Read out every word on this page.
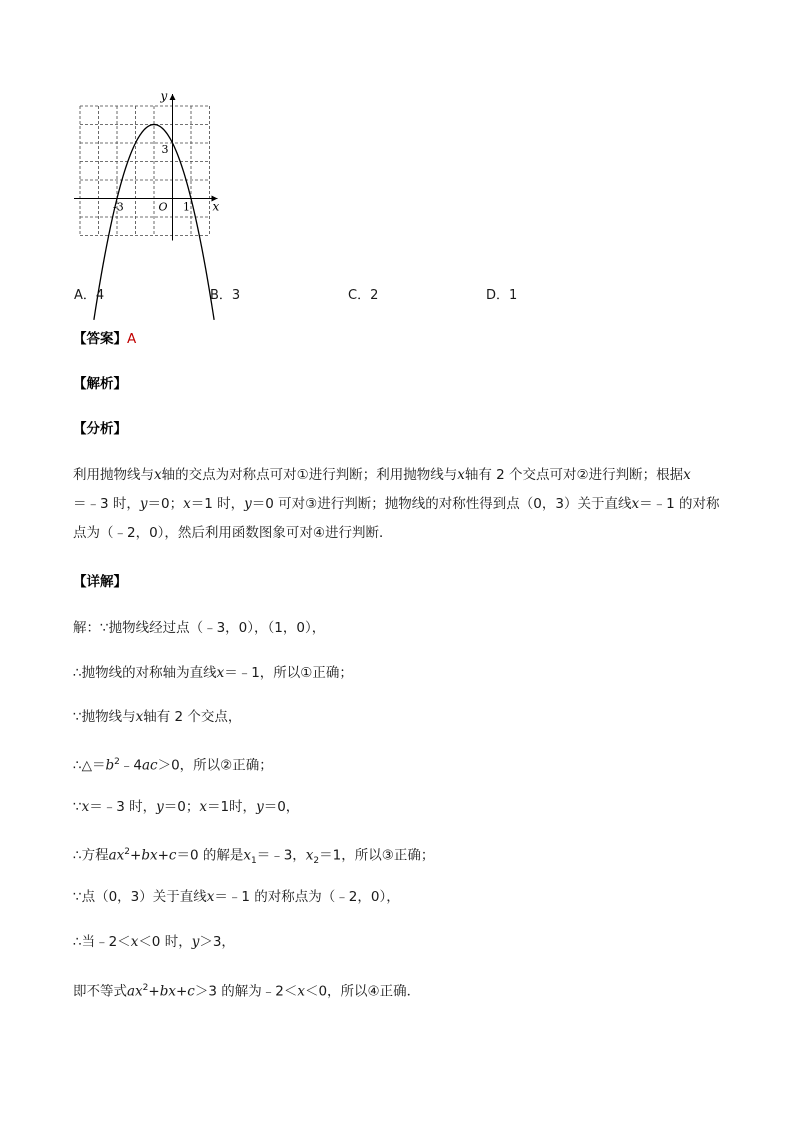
y
x
O
-3	1
3
A．4	B．3	C．2	D．1
【答案】A
【解析】
【分析】
利用抛物线与x轴的交点为对称点可对①进行判断；利用抛物线与x轴有 2 个交点可对②进行判断；根据x
＝﹣3 时，y＝0；x＝1 时，y＝0 可对③进行判断；抛物线的对称性得到点（0，3）关于直线x＝﹣1 的对称
点为（﹣2，0），然后利用函数图象可对④进行判断．
【详解】
解：∵抛物线经过点（﹣3，0），（1，0），
∴抛物线的对称轴为直线x＝﹣1，所以①正确；
∵抛物线与x轴有 2 个交点，
$\therefore\triangle=b^2﹣4ac>0$，所以②正确；
∵x＝﹣3 时，y＝0；x＝1时，y＝0，
∴方程$ax^2+bx+c=0$ 的解是$x_1=﹣3$，$x_2=1$，所以③正确；
∵点（0，3）关于直线x＝﹣1 的对称点为（﹣2，0），
∴当﹣2＜x＜0 时，y＞3，
即不等式$ax^2+bx+c>3$ 的解为﹣2＜x＜0，所以④正确．
